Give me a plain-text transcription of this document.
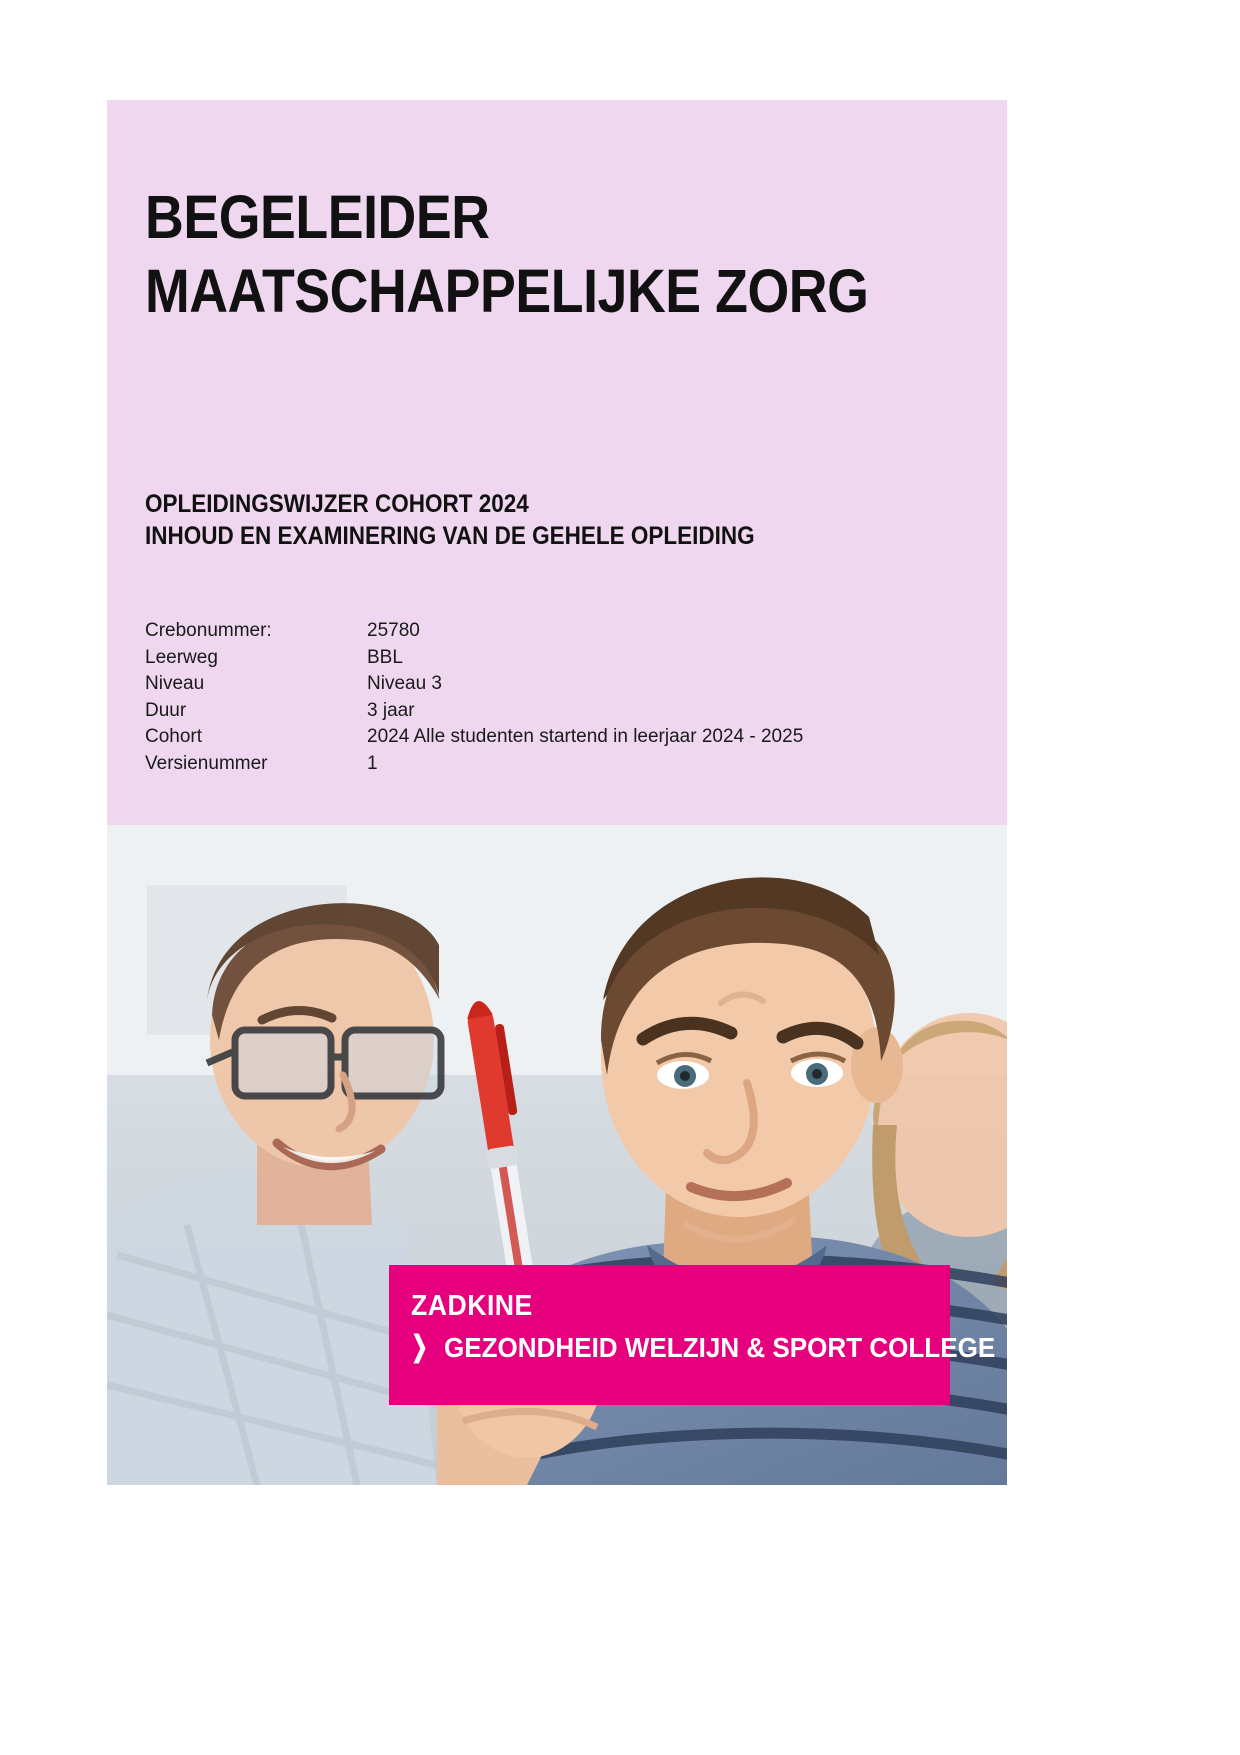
BEGELEIDER
MAATSCHAPPELIJKE ZORG
OPLEIDINGSWIJZER COHORT 2024
INHOUD EN EXAMINERING VAN DE GEHELE OPLEIDING
Crebonummer:	25780
Leerweg	BBL
Niveau	Niveau 3
Duur	3 jaar
Cohort	2024 Alle studenten startend in leerjaar 2024 - 2025
Versienummer	1
ZADKINE
❯ GEZONDHEID WELZIJN & SPORT COLLEGE
